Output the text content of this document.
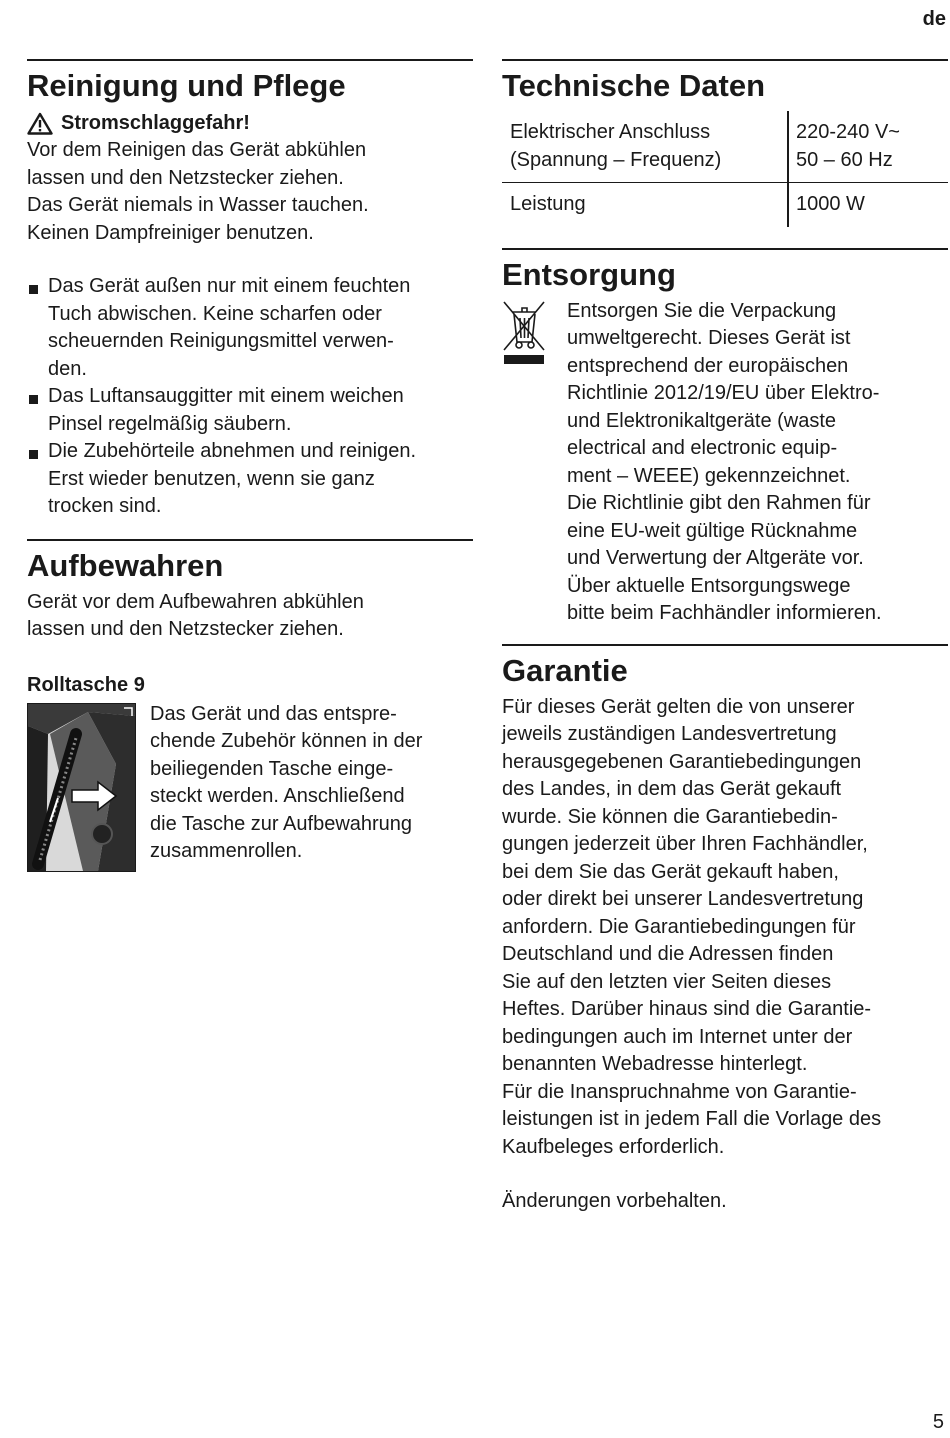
de
Reinigung und Pflege
Stromschlaggefahr!

Vor dem Reinigen das Gerät abkühlen
lassen und den Netzstecker ziehen.
Das Gerät niemals in Wasser tauchen.
Keinen Dampfreiniger benutzen.

Das Gerät außen nur mit einem feuchten
Tuch abwischen. Keine scharfen oder
scheuernden Reinigungsmittel verwen-
den.
Das Luftansauggitter mit einem weichen
Pinsel regelmäßig säubern.
Die Zubehörteile abnehmen und reinigen.
Erst wieder benutzen, wenn sie ganz
trocken sind.
Aufbewahren

Gerät vor dem Aufbewahren abkühlen
lassen und den Netzstecker ziehen.

Rolltasche 9

Das Gerät und das entspre-
chende Zubehör können in der
beiliegenden Tasche einge-
steckt werden. Anschließend
die Tasche zur Aufbewahrung
zusammenrollen.

Technische Daten
Elektrischer Anschluss
(Spannung – Frequenz)	220-240 V~
50 – 60 Hz
Leistung	1000 W
Entsorgung

Entsorgen Sie die Verpackung
umweltgerecht. Dieses Gerät ist
entsprechend der europäischen
Richtlinie 2012/19/EU über Elektro-
und Elektronikaltgeräte (waste
electrical and electronic equip-
ment – WEEE) gekennzeichnet.
Die Richtlinie gibt den Rahmen für
eine EU-weit gültige Rücknahme
und Verwertung der Altgeräte vor.
Über aktuelle Entsorgungswege
bitte beim Fachhändler informieren.

Garantie

Für dieses Gerät gelten die von unserer
jeweils zuständigen Landesvertretung
herausgegebenen Garantiebedingungen
des Landes, in dem das Gerät gekauft
wurde. Sie können die Garantiebedin-
gungen jederzeit über Ihren Fachhändler,
bei dem Sie das Gerät gekauft haben,
oder direkt bei unserer Landesvertretung
anfordern. Die Garantiebedingungen für
Deutschland und die Adressen finden
Sie auf den letzten vier Seiten dieses
Heftes. Darüber hinaus sind die Garantie-
bedingungen auch im Internet unter der
benannten Webadresse hinterlegt.
Für die Inanspruchnahme von Garantie-
leistungen ist in jedem Fall die Vorlage des
Kaufbeleges erforderlich.

Änderungen vorbehalten.

5
